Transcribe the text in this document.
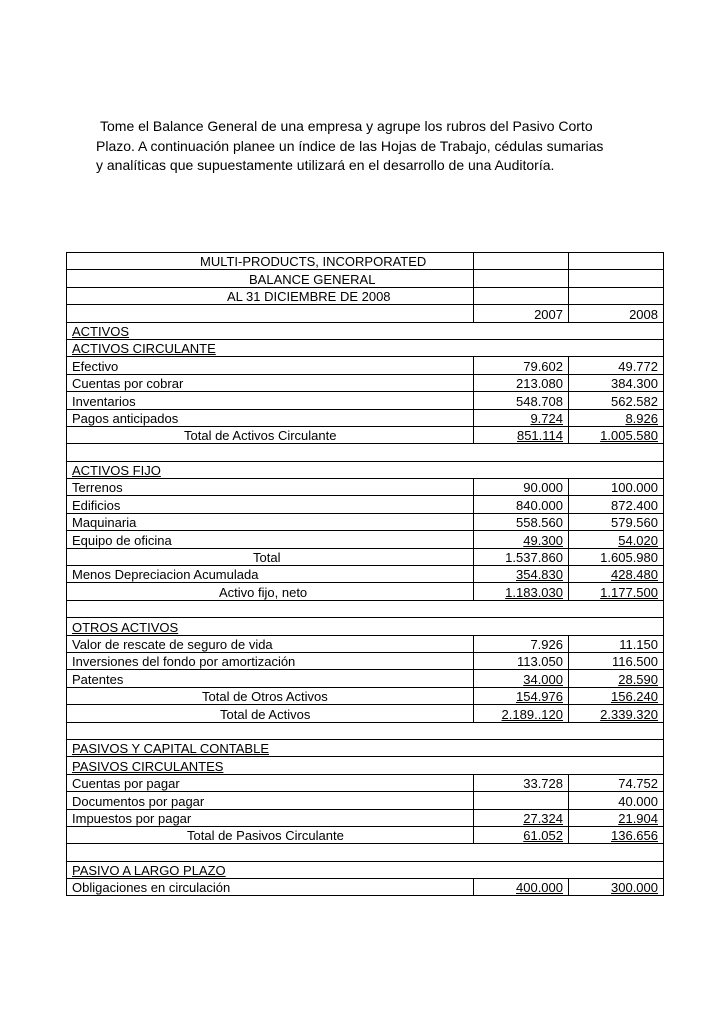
Tome el Balance General de una empresa y agrupe los rubros del Pasivo Corto
Plazo. A continuación planee un índice de las Hojas de Trabajo, cédulas sumarias
y analíticas que supuestamente utilizará en el desarrollo de una Auditoría.

MULTI-PRODUCTS, INCORPORATED		
BALANCE GENERAL		
AL 31 DICIEMBRE DE 2008		
	2007	2008
ACTIVOS		
ACTIVOS CIRCULANTE		
Efectivo	79.602	49.772
Cuentas por cobrar	213.080	384.300
Inventarios	548.708	562.582
Pagos anticipados	9.724	8.926
Total de Activos Circulante	851.114	1.005.580

ACTIVOS FIJO		
Terrenos	90.000	100.000
Edificios	840.000	872.400
Maquinaria	558.560	579.560
Equipo de oficina	49.300	54.020
Total	1.537.860	1.605.980
Menos Depreciacion Acumulada	354.830	428.480
Activo fijo, neto	1.183.030	1.177.500

OTROS ACTIVOS		
Valor de rescate de seguro de vida	7.926	11.150
Inversiones del fondo por amortización	113.050	116.500
Patentes	34.000	28.590
Total de Otros Activos	154.976	156.240
Total de Activos	2.189..120	2.339.320

PASIVOS Y CAPITAL CONTABLE		
PASIVOS CIRCULANTES		
Cuentas por pagar	33.728	74.752
Documentos por pagar		40.000
Impuestos por pagar	27.324	21.904
Total de Pasivos Circulante	61.052	136.656

PASIVO A LARGO PLAZO		
Obligaciones en circulación	400.000	300.000
